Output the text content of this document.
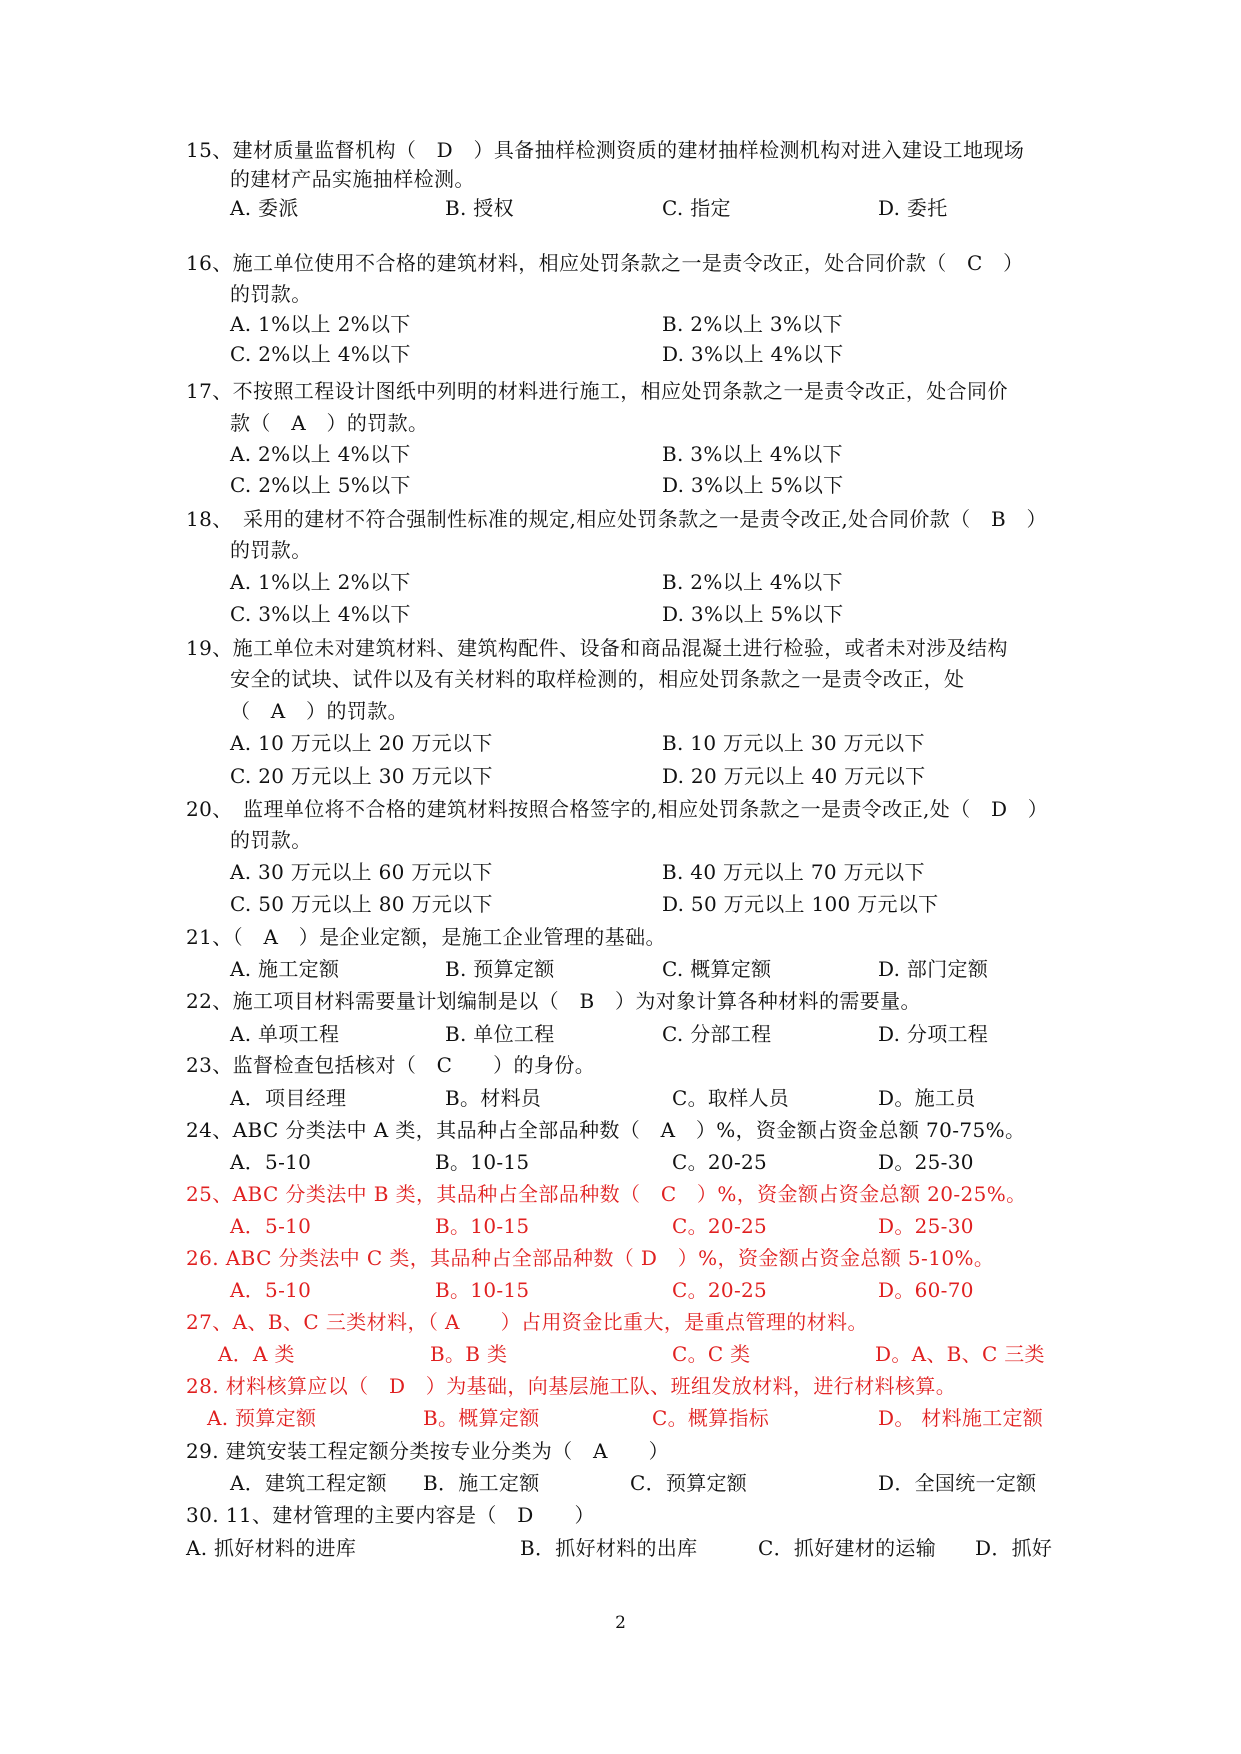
15、建材质量监督机构（　D　）具备抽样检测资质的建材抽样检测机构对进入建设工地现场
的建材产品实施抽样检测。
A. 委派	B. 授权	C. 指定	D. 委托
16、施工单位使用不合格的建筑材料，相应处罚条款之一是责令改正，处合同价款（　C　）
的罚款。
A. 1%以上 2%以下	B. 2%以上 3%以下
C. 2%以上 4%以下	D. 3%以上 4%以下
17、不按照工程设计图纸中列明的材料进行施工，相应处罚条款之一是责令改正，处合同价
款（　A　）的罚款。
A. 2%以上 4%以下	B. 3%以上 4%以下
C. 2%以上 5%以下	D. 3%以上 5%以下
18、　采用的建材不符合强制性标准的规定,相应处罚条款之一是责令改正,处合同价款（　B　）
的罚款。
A. 1%以上 2%以下	B. 2%以上 4%以下
C. 3%以上 4%以下	D. 3%以上 5%以下
19、施工单位未对建筑材料、建筑构配件、设备和商品混凝土进行检验，或者未对涉及结构
安全的试块、试件以及有关材料的取样检测的，相应处罚条款之一是责令改正，处
（　A　）的罚款。
A. 10 万元以上 20 万元以下	B. 10 万元以上 30 万元以下
C. 20 万元以上 30 万元以下	D. 20 万元以上 40 万元以下
20、　监理单位将不合格的建筑材料按照合格签字的,相应处罚条款之一是责令改正,处（　D　）
的罚款。
A. 30 万元以上 60 万元以下	B. 40 万元以上 70 万元以下
C. 50 万元以上 80 万元以下	D. 50 万元以上 100 万元以下
21、（　A　）是企业定额，是施工企业管理的基础。
A. 施工定额	B. 预算定额	C. 概算定额	D. 部门定额
22、施工项目材料需要量计划编制是以（　B　）为对象计算各种材料的需要量。
A. 单项工程	B. 单位工程	C. 分部工程	D. 分项工程
23、监督检查包括核对（　C　　）的身份。
A．项目经理	B。材料员	C。取样人员	D。施工员
24、ABC 分类法中 A 类，其品种占全部品种数（　A　）%，资金额占资金总额 70-75%。
A．5-10	B。10-15	C。20-25	D。25-30
25、ABC 分类法中 B 类，其品种占全部品种数（　C　）%，资金额占资金总额 20-25%。
A．5-10	B。10-15	C。20-25	D。25-30
26. ABC 分类法中 C 类，其品种占全部品种数（ D　）%，资金额占资金总额 5-10%。
A．5-10	B。10-15	C。20-25	D。60-70
27、A、B、C 三类材料，（ A　　）占用资金比重大，是重点管理的材料。
A．A 类	B。B 类	C。C 类	D。A、B、C 三类
28. 材料核算应以（　D　）为基础，向基层施工队、班组发放材料，进行材料核算。
A. 预算定额	B。概算定额	C。概算指标	D。 材料施工定额
29. 建筑安装工程定额分类按专业分类为（　A　　）
A．建筑工程定额 B．施工定额	C．预算定额	D．全国统一定额
30. 11、建材管理的主要内容是（　D　　）
A. 抓好材料的进库	B．抓好材料的出库	C．抓好建材的运输 D．抓好
2
